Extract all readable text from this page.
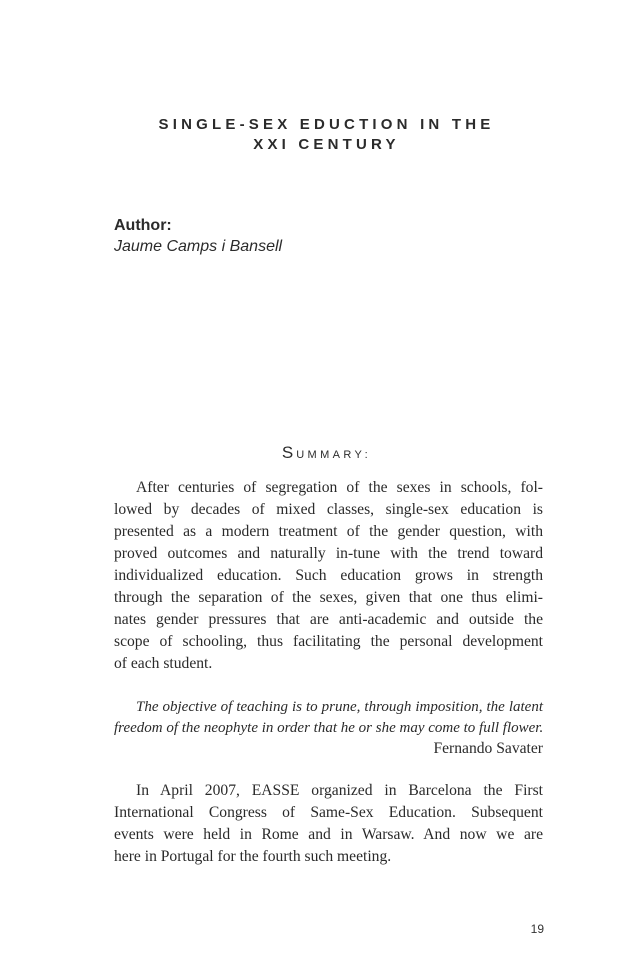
SINGLE-SEX EDUCTION IN THE
XXI CENTURY
Author:
Jaume Camps i Bansell
SUMMARY:
After centuries of segregation of the sexes in schools, fol-
lowed by decades of mixed classes, single-sex education is
presented as a modern treatment of the gender question, with
proved outcomes and naturally in-tune with the trend toward
individualized education. Such education grows in strength
through the separation of the sexes, given that one thus elimi-
nates gender pressures that are anti-academic and outside the
scope of schooling, thus facilitating the personal development
of each student.
The objective of teaching is to prune, through imposition, the latent
freedom of the neophyte in order that he or she may come to full flower.
Fernando Savater
In April 2007, EASSE organized in Barcelona the First
International Congress of Same-Sex Education. Subsequent
events were held in Rome and in Warsaw. And now we are
here in Portugal for the fourth such meeting.
19
